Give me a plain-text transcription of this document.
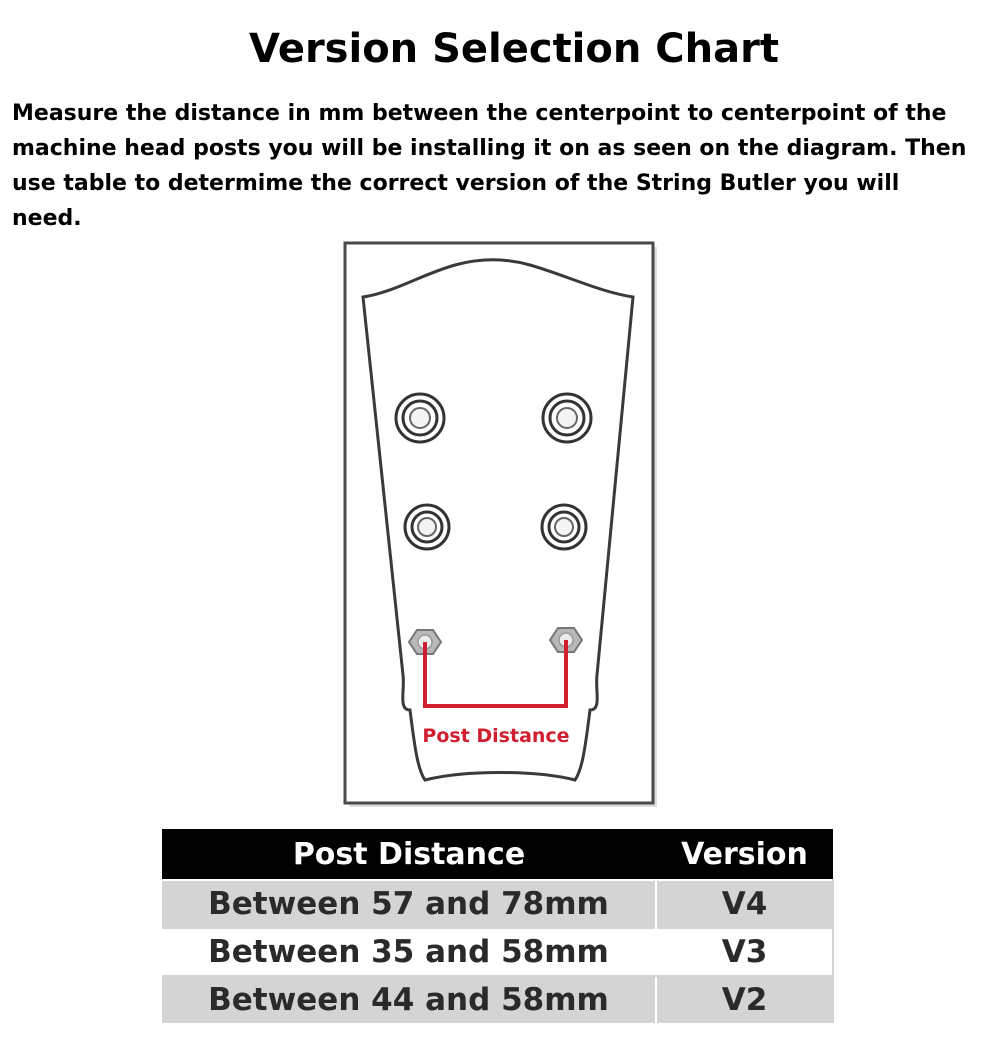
Version Selection Chart
Measure the distance in mm between the centerpoint to centerpoint of the machine head posts you will be installing it on as seen on the diagram. Then use table to determime the correct version of the String Butler you will need.
Post Distance
Post Distance	Version
Between 57 and 78mm	V4
Between 35 and 58mm	V3
Between 44 and 58mm	V2
